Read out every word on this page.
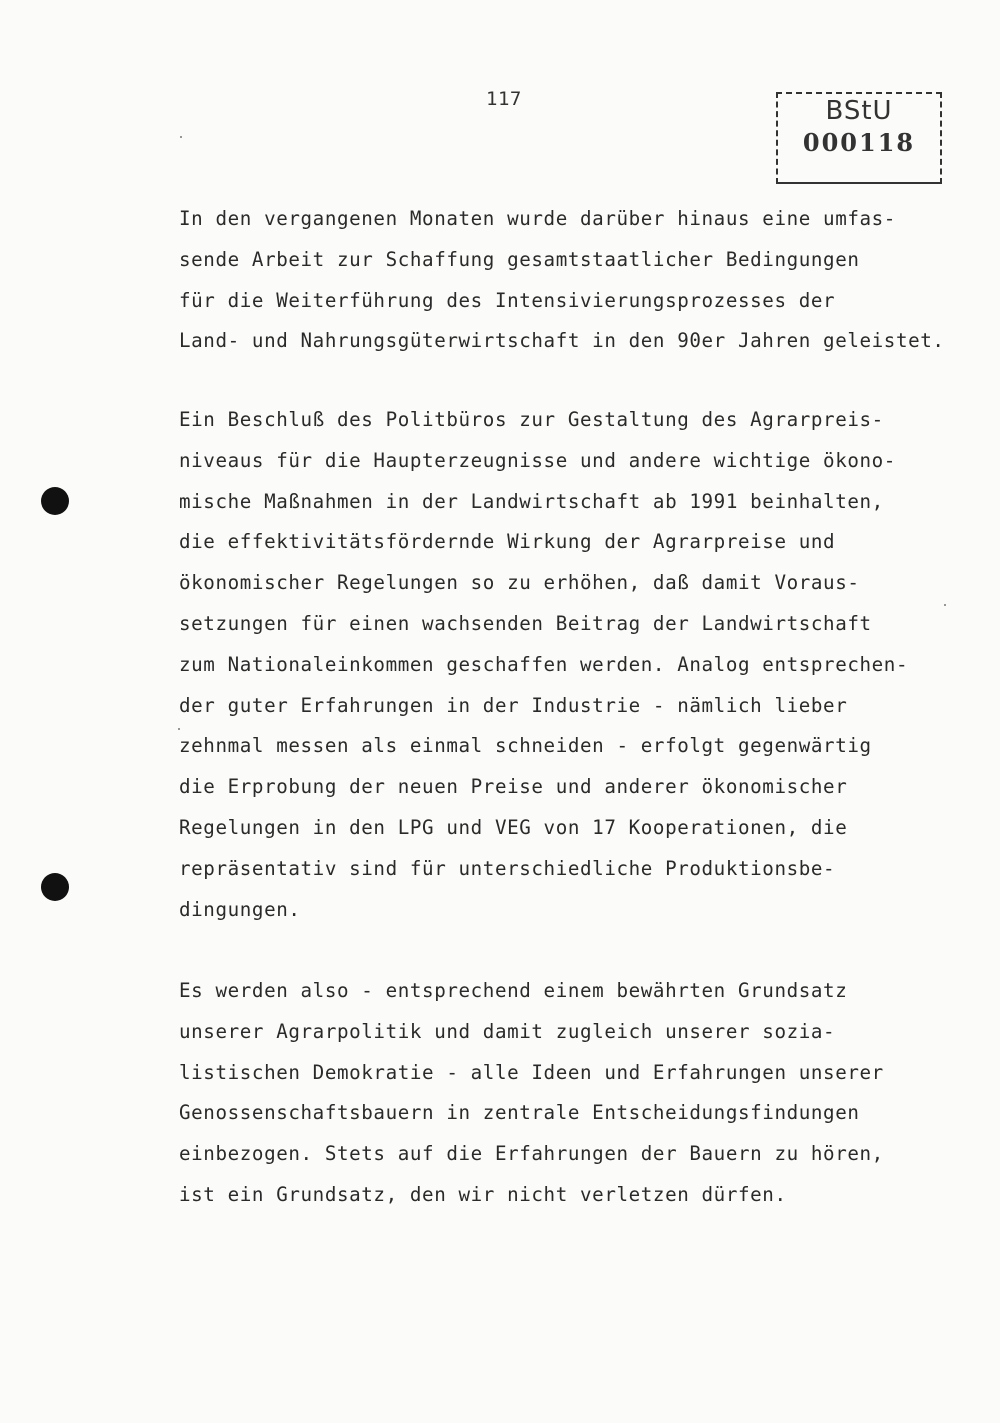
117	BStU
000118
In den vergangenen Monaten wurde darüber hinaus eine umfas-
sende Arbeit zur Schaffung gesamtstaatlicher Bedingungen
für die Weiterführung des Intensivierungsprozesses der
Land- und Nahrungsgüterwirtschaft in den 90er Jahren geleistet.
Ein Beschluß des Politbüros zur Gestaltung des Agrarpreis-
niveaus für die Haupterzeugnisse und andere wichtige ökono-
mische Maßnahmen in der Landwirtschaft ab 1991 beinhalten,
die effektivitätsfördernde Wirkung der Agrarpreise und
ökonomischer Regelungen so zu erhöhen, daß damit Voraus-
setzungen für einen wachsenden Beitrag der Landwirtschaft
zum Nationaleinkommen geschaffen werden. Analog entsprechen-
der guter Erfahrungen in der Industrie - nämlich lieber
zehnmal messen als einmal schneiden - erfolgt gegenwärtig
die Erprobung der neuen Preise und anderer ökonomischer
Regelungen in den LPG und VEG von 17 Kooperationen, die
repräsentativ sind für unterschiedliche Produktionsbe-
dingungen.
Es werden also - entsprechend einem bewährten Grundsatz
unserer Agrarpolitik und damit zugleich unserer sozia-
listischen Demokratie - alle Ideen und Erfahrungen unserer
Genossenschaftsbauern in zentrale Entscheidungsfindungen
einbezogen. Stets auf die Erfahrungen der Bauern zu hören,
ist ein Grundsatz, den wir nicht verletzen dürfen.
